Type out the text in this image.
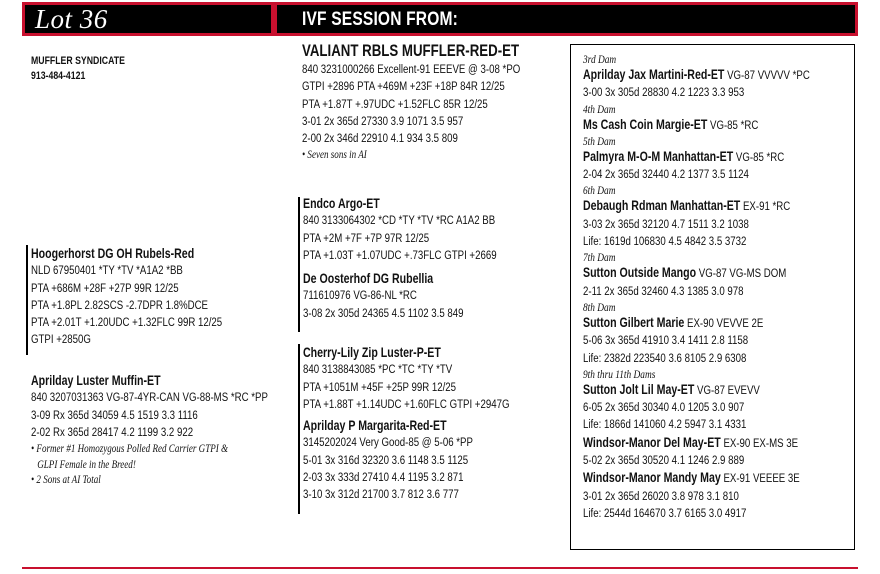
Lot 36	IVF SESSION FROM:
MUFFLER SYNDICATE
913-484-4121
VALIANT RBLS MUFFLER-RED-ET
840 3231000266 Excellent-91 EEEVE @ 3-08 *PO
GTPI +2896 PTA +469M +23F +18P 84R 12/25
PTA +1.87T +.97UDC +1.52FLC 85R 12/25
3-01 2x 365d 27330 3.9 1071 3.5 957
2-00 2x 346d 22910 4.1 934 3.5 809
• Seven sons in AI
Endco Argo-ET
840 3133064302 *CD *TY *TV *RC A1A2 BB
PTA +2M +7F +7P 97R 12/25
PTA +1.03T +1.07UDC +.73FLC GTPI +2669
De Oosterhof DG Rubellia
711610976 VG-86-NL *RC
3-08 2x 305d 24365 4.5 1102 3.5 849
Hoogerhorst DG OH Rubels-Red
NLD 67950401 *TY *TV *A1A2 *BB
PTA +686M +28F +27P 99R 12/25
PTA +1.8PL 2.82SCS -2.7DPR 1.8%DCE
PTA +2.01T +1.20UDC +1.32FLC 99R 12/25
GTPI +2850G
Aprilday Luster Muffin-ET
840 3207031363 VG-87-4YR-CAN VG-88-MS *RC *PP
3-09 Rx 365d 34059 4.5 1519 3.3 1116
2-02 Rx 365d 28417 4.2 1199 3.2 922
• Former #1 Homozygous Polled Red Carrier GTPI &
GLPI Female in the Breed!
• 2 Sons at AI Total
Cherry-Lily Zip Luster-P-ET
840 3138843085 *PC *TC *TY *TV
PTA +1051M +45F +25P 99R 12/25
PTA +1.88T +1.14UDC +1.60FLC GTPI +2947G
Aprilday P Margarita-Red-ET
3145202024 Very Good-85 @ 5-06 *PP
5-01 3x 316d 32320 3.6 1148 3.5 1125
2-03 3x 333d 27410 4.4 1195 3.2 871
3-10 3x 312d 21700 3.7 812 3.6 777
3rd Dam
Aprilday Jax Martini-Red-ET VG-87 VVVVV *PC
3-00 3x 305d 28830 4.2 1223 3.3 953
4th Dam
Ms Cash Coin Margie-ET VG-85 *RC
5th Dam
Palmyra M-O-M Manhattan-ET VG-85 *RC
2-04 2x 365d 32440 4.2 1377 3.5 1124
6th Dam
Debaugh Rdman Manhattan-ET EX-91 *RC
3-03 2x 365d 32120 4.7 1511 3.2 1038
Life: 1619d 106830 4.5 4842 3.5 3732
7th Dam
Sutton Outside Mango VG-87 VG-MS DOM
2-11 2x 365d 32460 4.3 1385 3.0 978
8th Dam
Sutton Gilbert Marie EX-90 VEVVE 2E
5-06 3x 365d 41910 3.4 1411 2.8 1158
Life: 2382d 223540 3.6 8105 2.9 6308
9th thru 11th Dams
Sutton Jolt Lil May-ET VG-87 EVEVV
6-05 2x 365d 30340 4.0 1205 3.0 907
Life: 1866d 141060 4.2 5947 3.1 4331
Windsor-Manor Del May-ET EX-90 EX-MS 3E
5-02 2x 365d 30520 4.1 1246 2.9 889
Windsor-Manor Mandy May EX-91 VEEEE 3E
3-01 2x 365d 26020 3.8 978 3.1 810
Life: 2544d 164670 3.7 6165 3.0 4917
